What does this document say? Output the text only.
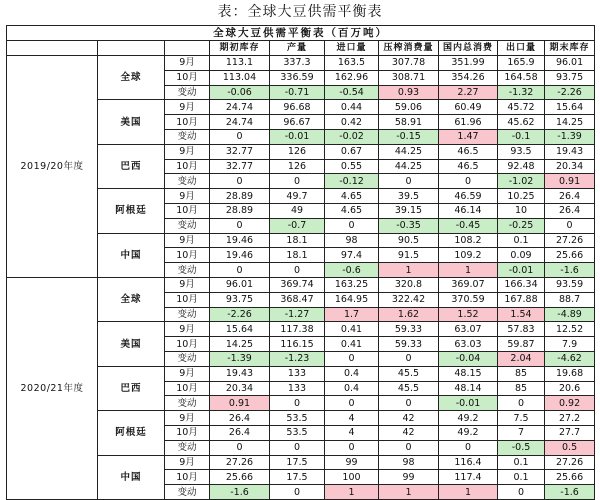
表：全球大豆供需平衡表
全球大豆供需平衡表（百万吨）									
			期初库存	产量	进口量	压榨消费量	国内总消费	出口量	期末库存
2019/20年度	全球	9月	113.1	337.3	163.5	307.78	351.99	165.9	96.01
		10月	113.04	336.59	162.96	308.71	354.26	164.58	93.75
		变动	-0.06	-0.71	-0.54	0.93	2.27	-1.32	-2.26
	美国	9月	24.74	96.68	0.44	59.06	60.49	45.72	15.64
		10月	24.74	96.67	0.42	58.91	61.96	45.62	14.25
		变动	0	-0.01	-0.02	-0.15	1.47	-0.1	-1.39
	巴西	9月	32.77	126	0.67	44.25	46.5	93.5	19.43
		10月	32.77	126	0.55	44.25	46.5	92.48	20.34
		变动	0	0	-0.12	0	0	-1.02	0.91
	阿根廷	9月	28.89	49.7	4.65	39.5	46.59	10.25	26.4
		10月	28.89	49	4.65	39.15	46.14	10	26.4
		变动	0	-0.7	0	-0.35	-0.45	-0.25	0
	中国	9月	19.46	18.1	98	90.5	108.2	0.1	27.26
		10月	19.46	18.1	97.4	91.5	109.2	0.09	25.66
		变动	0	0	-0.6	1	1	-0.01	-1.6
2020/21年度	全球	9月	96.01	369.74	163.25	320.8	369.07	166.34	93.59
		10月	93.75	368.47	164.95	322.42	370.59	167.88	88.7
		变动	-2.26	-1.27	1.7	1.62	1.52	1.54	-4.89
	美国	9月	15.64	117.38	0.41	59.33	63.07	57.83	12.52
		10月	14.25	116.15	0.41	59.33	63.03	59.87	7.9
		变动	-1.39	-1.23	0	0	-0.04	2.04	-4.62
	巴西	9月	19.43	133	0.4	45.5	48.15	85	19.68
		10月	20.34	133	0.4	45.5	48.14	85	20.6
		变动	0.91	0	0	0	-0.01	0	0.92
	阿根廷	9月	26.4	53.5	4	42	49.2	7.5	27.2
		10月	26.4	53.5	4	42	49.2	7	27.7
		变动	0	0	0	0	0	-0.5	0.5
	中国	9月	27.26	17.5	99	98	116.4	0.1	27.26
		10月	25.66	17.5	100	99	117.4	0.1	25.66
		变动	-1.6	0	1	1	1	0	-1.6
